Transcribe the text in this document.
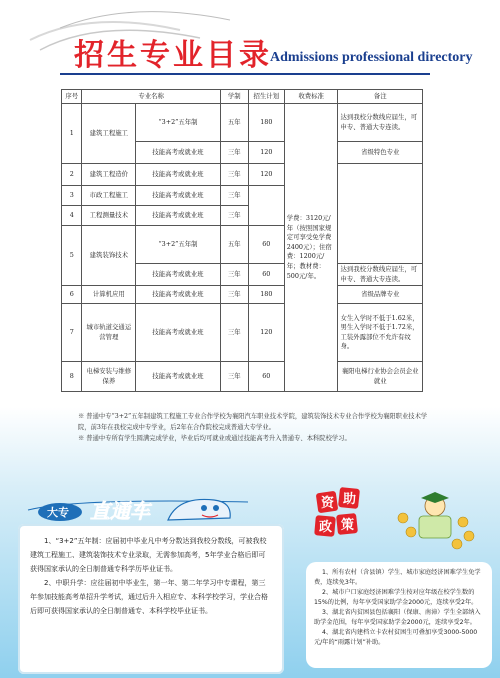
招生专业目录
Admissions professional directory
序号	专业名称		学制	招生计划	收费标准	备注
1	建筑工程施工	“3+2”五年制	五年	180	学费：3120元/年（按照国家规定可享受免学费2400元）；住宿费：1200元/年；教材费：500元/年。	达到我校分数线应届生，可申专、普通大专连读。
		技能高考或就业班	三年	120		省级特色专业
2	建筑工程造价	技能高考或就业班	三年	120		
3	市政工程施工	技能高考或就业班	三年			
4	工程测量技术	技能高考或就业班	三年			
5	建筑装饰技术	“3+2”五年制	五年	60		
		技能高考或就业班	三年	60		达到我校分数线应届生，可申专、普通大专连读。
6	计算机应用	技能高考或就业班	三年	180		省级品牌专业
7	城市轨道交通运营管理	技能高考或就业班	三年	120		女生入学时不低于1.62米，男生入学时不低于1.72米，工装外露部位不允许有纹身。
8	电梯安装与维修保养	技能高考或就业班	三年	60		襄阳电梯行业协会会员企业就业

※ 普通中专“3+2”五年制建筑工程施工专业合作学校为襄阳汽车职业技术学院，建筑装饰技术专业合作学校为襄阳职业技术学院，前3年在我校完成中专学业，后2年在合作院校完成普通大专学业。

※ 普通中专所有学生圆满完成学业，毕业后均可就业或通过技能高考升入普通专、本科院校学习。

大专 直通车

1、“3+2”五年制：应届初中毕业凡中考分数达到我校分数线，可被我校建筑工程施工、建筑装饰技术专业录取，无需参加高考，5年学业合格后即可获得国家承认的全日制普通专科学历毕业证书。

2、中职升学：应往届初中毕业生，第一年、第二年学习中专课程，第三年参加技能高考单招升学考试，通过后升入相应专、本科学校学习，学业合格后即可获得国家承认的全日制普通专、本科学校毕业证书。

资 助
政 策

1、所有农村（含县镇）学生、城市家庭经济困难学生免学费，连续免3年。

2、城市户口家庭经济困难学生按对应年级在校学生数的15%的比例，每年享受国家助学金2000元，连续享受2年。

3、湖北省内贫困县包括襄阳（保康、南漳）学生全部纳入助学金范围，每年享受国家助学金2000元，连续享受2年。

4、湖北省内建档立卡农村贫困生可叠加享受3000-5000元/年的“雨露计划”补助。
